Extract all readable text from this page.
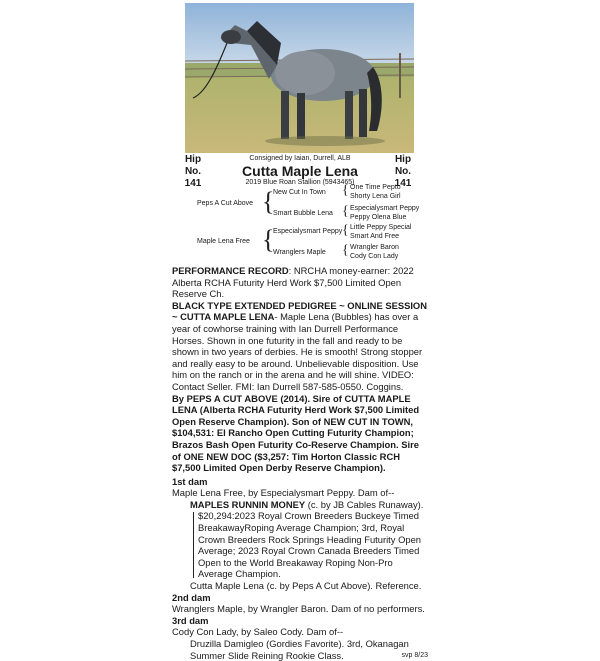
Hip No.
141
Hip No.
141
Consigned by Iaian, Durrell, ALB
Cutta Maple Lena
2019 Blue Roan Stallion (5943465)
Peps A Cut Above {
New Cut In Town
Smart Bubble Lena
{ One Time Pepto
Shorty Lena Girl
{ Especialysmart Peppy
Peppy Olena Blue
Maple Lena Free {
Especialysmart Peppy
Wranglers Maple
{ Little Peppy Special
Smart And Free
{ Wrangler Baron
Cody Con Lady

PERFORMANCE RECORD: NRCHA money-earner: 2022 Alberta RCHA Futurity Herd Work $7,500 Limited Open Reserve Ch.

BLACK TYPE EXTENDED PEDIGREE ~ ONLINE SESSION ~ CUTTA MAPLE LENA- Maple Lena (Bubbles) has over a year of cowhorse training with Ian Durrell Performance Horses. Shown in one futurity in the fall and ready to be shown in two years of derbies. He is smooth! Strong stopper and really easy to be around. Unbelievable disposition. Use him on the ranch or in the arena and he will shine. VIDEO: Contact Seller. FMI: Ian Durrell 587-585-0550. Coggins.

By PEPS A CUT ABOVE (2014). Sire of CUTTA MAPLE LENA (Alberta RCHA Futurity Herd Work $7,500 Limited Open Reserve Champion). Son of NEW CUT IN TOWN, $104,531: El Rancho Open Cutting Futurity Champion; Brazos Bash Open Futurity Co-Reserve Champion. Sire of ONE NEW DOC ($3,257: Tim Horton Classic RCH $7,500 Limited Open Derby Reserve Champion).

1st dam

Maple Lena Free, by Especialysmart Peppy. Dam of--

MAPLES RUNNIN MONEY (c. by JB Cables Runaway).

$20,294:2023 Royal Crown Breeders Buckeye Timed BreakawayRoping Average Champion; 3rd, Royal Crown Breeders Rock Springs Heading Futurity Open Average; 2023 Royal Crown Canada Breeders Timed Open to the World Breakaway Roping Non-Pro Average Champion.

Cutta Maple Lena (c. by Peps A Cut Above). Reference.

2nd dam

Wranglers Maple, by Wrangler Baron. Dam of no performers.

3rd dam

Cody Con Lady, by Saleo Cody. Dam of--

Druzilla Damigleo (Gordies Favorite). 3rd, Okanagan Summer Slide Reining Rookie Class.	svp 8/23
